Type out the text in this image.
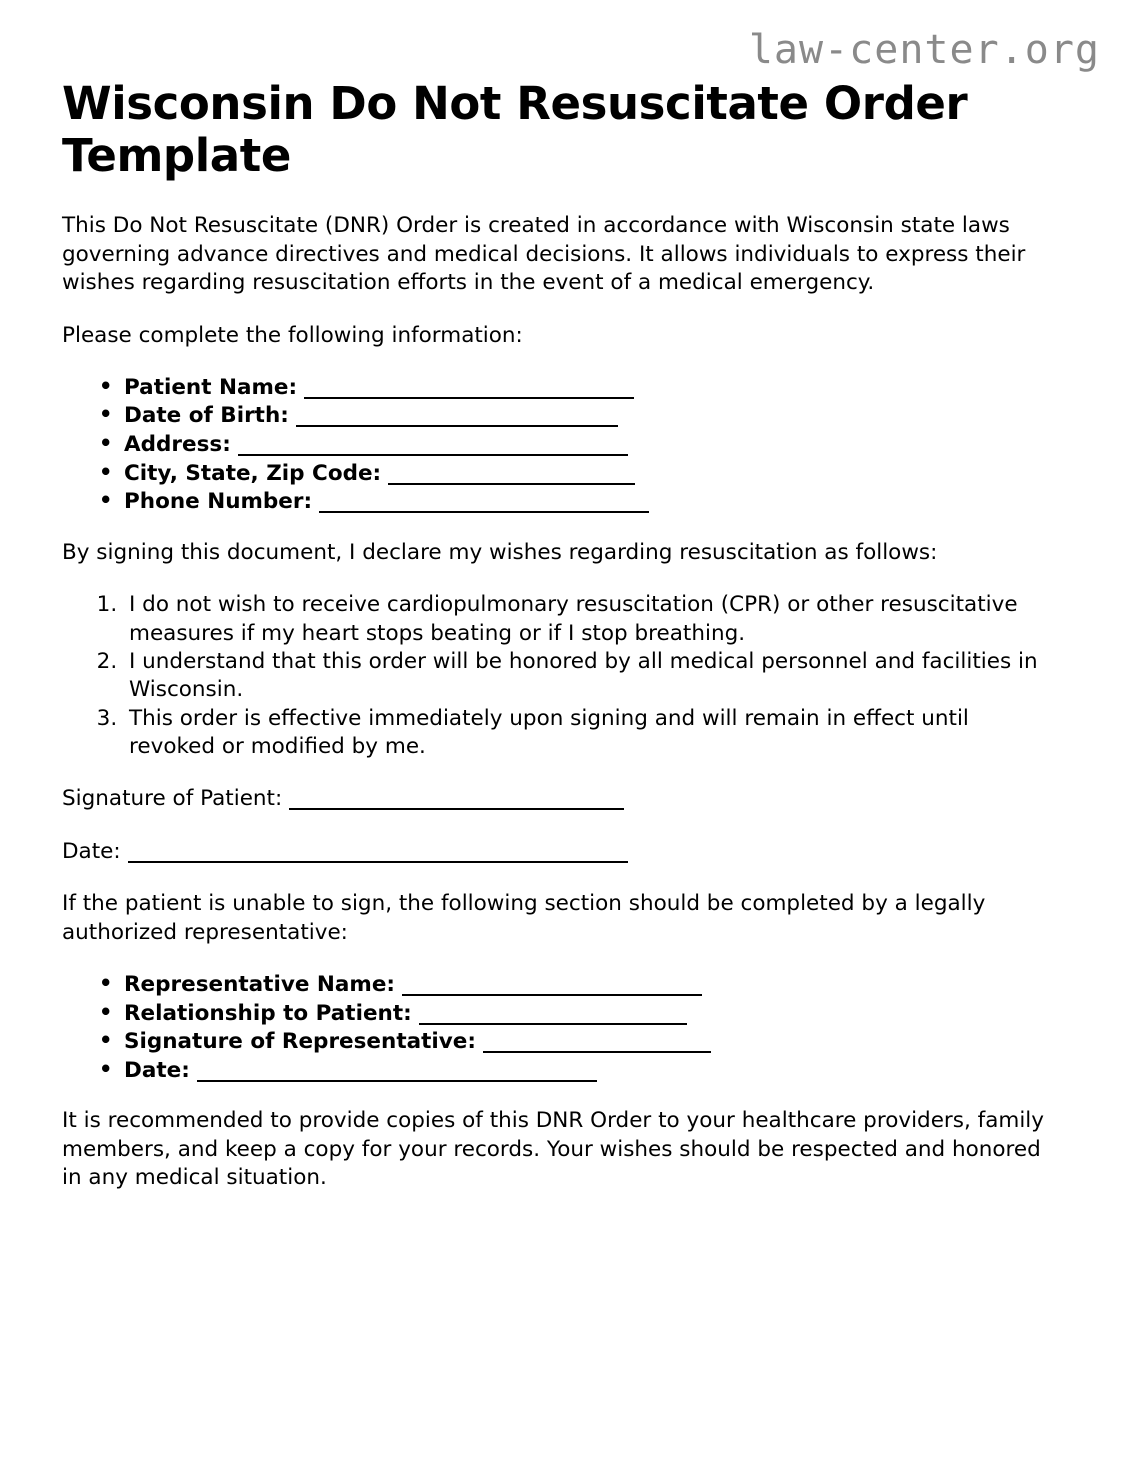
law-center.org
Wisconsin Do Not Resuscitate Order Template

This Do Not Resuscitate (DNR) Order is created in accordance with Wisconsin state laws governing advance directives and medical decisions. It allows individuals to express their wishes regarding resuscitation efforts in the event of a medical emergency.

Please complete the following information:

• Patient Name:
• Date of Birth:
• Address:
• City, State, Zip Code:
• Phone Number:

By signing this document, I declare my wishes regarding resuscitation as follows:

1. I do not wish to receive cardiopulmonary resuscitation (CPR) or other resuscitative measures if my heart stops beating or if I stop breathing.
2. I understand that this order will be honored by all medical personnel and facilities in Wisconsin.
3. This order is effective immediately upon signing and will remain in effect until revoked or modified by me.
Signature of Patient:
Date:

If the patient is unable to sign, the following section should be completed by a legally authorized representative:

• Representative Name:
• Relationship to Patient:
• Signature of Representative:
• Date:

It is recommended to provide copies of this DNR Order to your healthcare providers, family members, and keep a copy for your records. Your wishes should be respected and honored in any medical situation.
